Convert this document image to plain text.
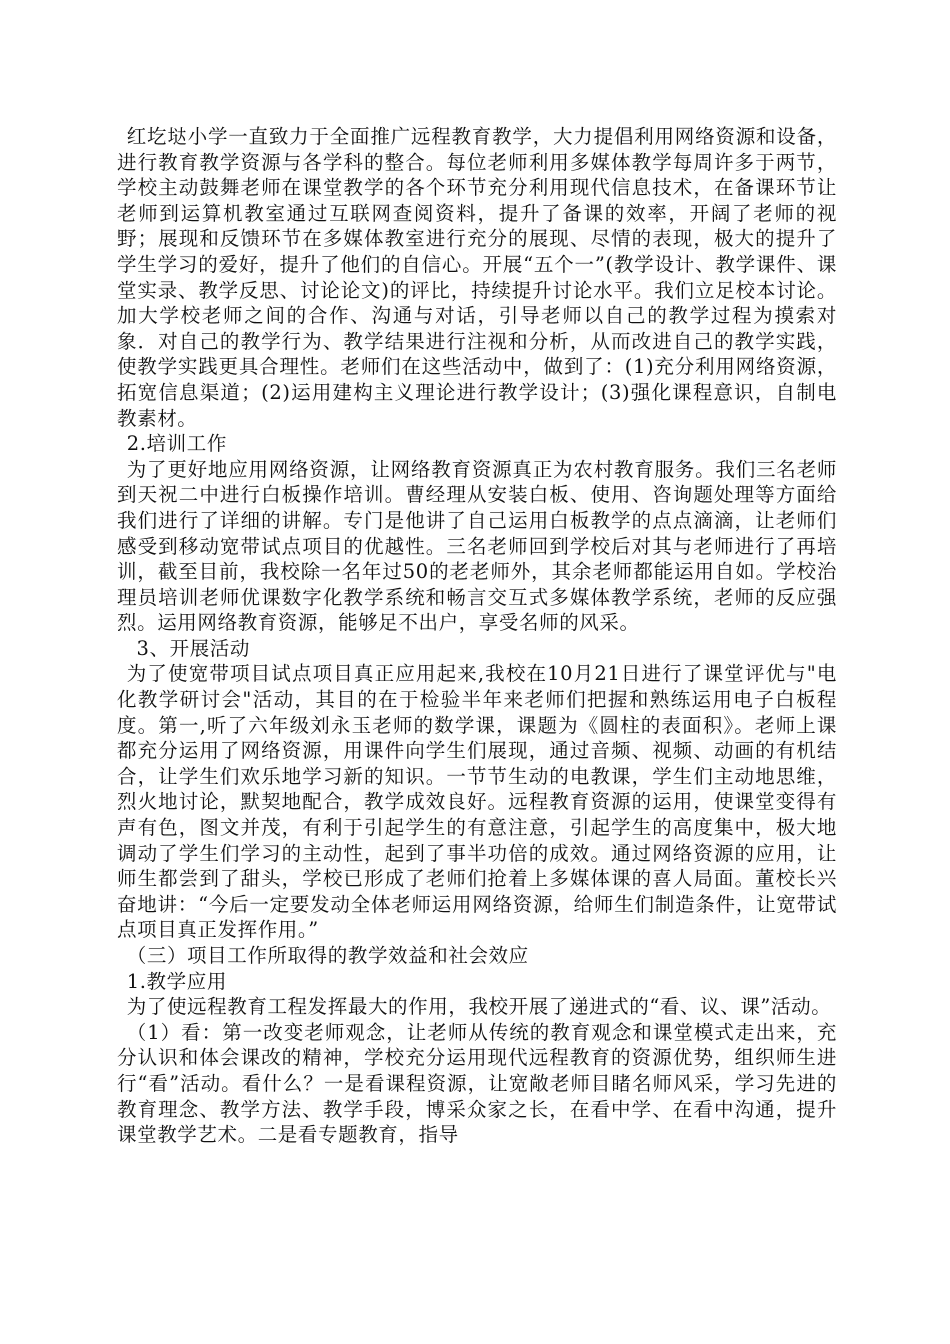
红圪垯小学一直致力于全面推广远程教育教学，大力提倡利用网络资源和设备，进行教育教学资源与各学科的整合。每位老师利用多媒体教学每周许多于两节，学校主动鼓舞老师在课堂教学的各个环节充分利用现代信息技术，在备课环节让老师到运算机教室通过互联网查阅资料，提升了备课的效率，开阔了老师的视野；展现和反馈环节在多媒体教室进行充分的展现、尽情的表现，极大的提升了学生学习的爱好，提升了他们的自信心。开展“五个一”(教学设计、教学课件、课堂实录、教学反思、讨论论文)的评比，持续提升讨论水平。我们立足校本讨论。加大学校老师之间的合作、沟通与对话，引导老师以自己的教学过程为摸索对象．对自己的教学行为、教学结果进行注视和分析，从而改进自己的教学实践，使教学实践更具合理性。老师们在这些活动中，做到了：(1)充分利用网络资源，拓宽信息渠道；(2)运用建构主义理论进行教学设计；(3)强化课程意识，自制电教素材。

2.培训工作

为了更好地应用网络资源，让网络教育资源真正为农村教育服务。我们三名老师到天祝二中进行白板操作培训。曹经理从安装白板、使用、咨询题处理等方面给我们进行了详细的讲解。专门是他讲了自己运用白板教学的点点滴滴，让老师们感受到移动宽带试点项目的优越性。三名老师回到学校后对其与老师进行了再培训，截至目前，我校除一名年过50的老老师外，其余老师都能运用自如。学校治理员培训老师优课数字化教学系统和畅言交互式多媒体教学系统，老师的反应强烈。运用网络教育资源，能够足不出户，享受名师的风采。

3、开展活动

为了使宽带项目试点项目真正应用起来,我校在10月21日进行了课堂评优与"电化教学研讨会"活动，其目的在于检验半年来老师们把握和熟练运用电子白板程度。第一,听了六年级刘永玉老师的数学课，课题为《圆柱的表面积》。老师上课都充分运用了网络资源，用课件向学生们展现，通过音频、视频、动画的有机结合，让学生们欢乐地学习新的知识。一节节生动的电教课，学生们主动地思维，烈火地讨论，默契地配合，教学成效良好。远程教育资源的运用，使课堂变得有声有色，图文并茂，有利于引起学生的有意注意，引起学生的高度集中，极大地调动了学生们学习的主动性，起到了事半功倍的成效。通过网络资源的应用，让师生都尝到了甜头，学校已形成了老师们抢着上多媒体课的喜人局面。董校长兴奋地讲：“今后一定要发动全体老师运用网络资源，给师生们制造条件，让宽带试点项目真正发挥作用。”

（三）项目工作所取得的教学效益和社会效应

1.教学应用

为了使远程教育工程发挥最大的作用，我校开展了递进式的“看、议、课”活动。

（1）看：第一改变老师观念，让老师从传统的教育观念和课堂模式走出来，充分认识和体会课改的精神，学校充分运用现代远程教育的资源优势，组织师生进行“看”活动。看什么？一是看课程资源，让宽敞老师目睹名师风采，学习先进的教育理念、教学方法、教学手段，博采众家之长，在看中学、在看中沟通，提升课堂教学艺术。二是看专题教育，指导
